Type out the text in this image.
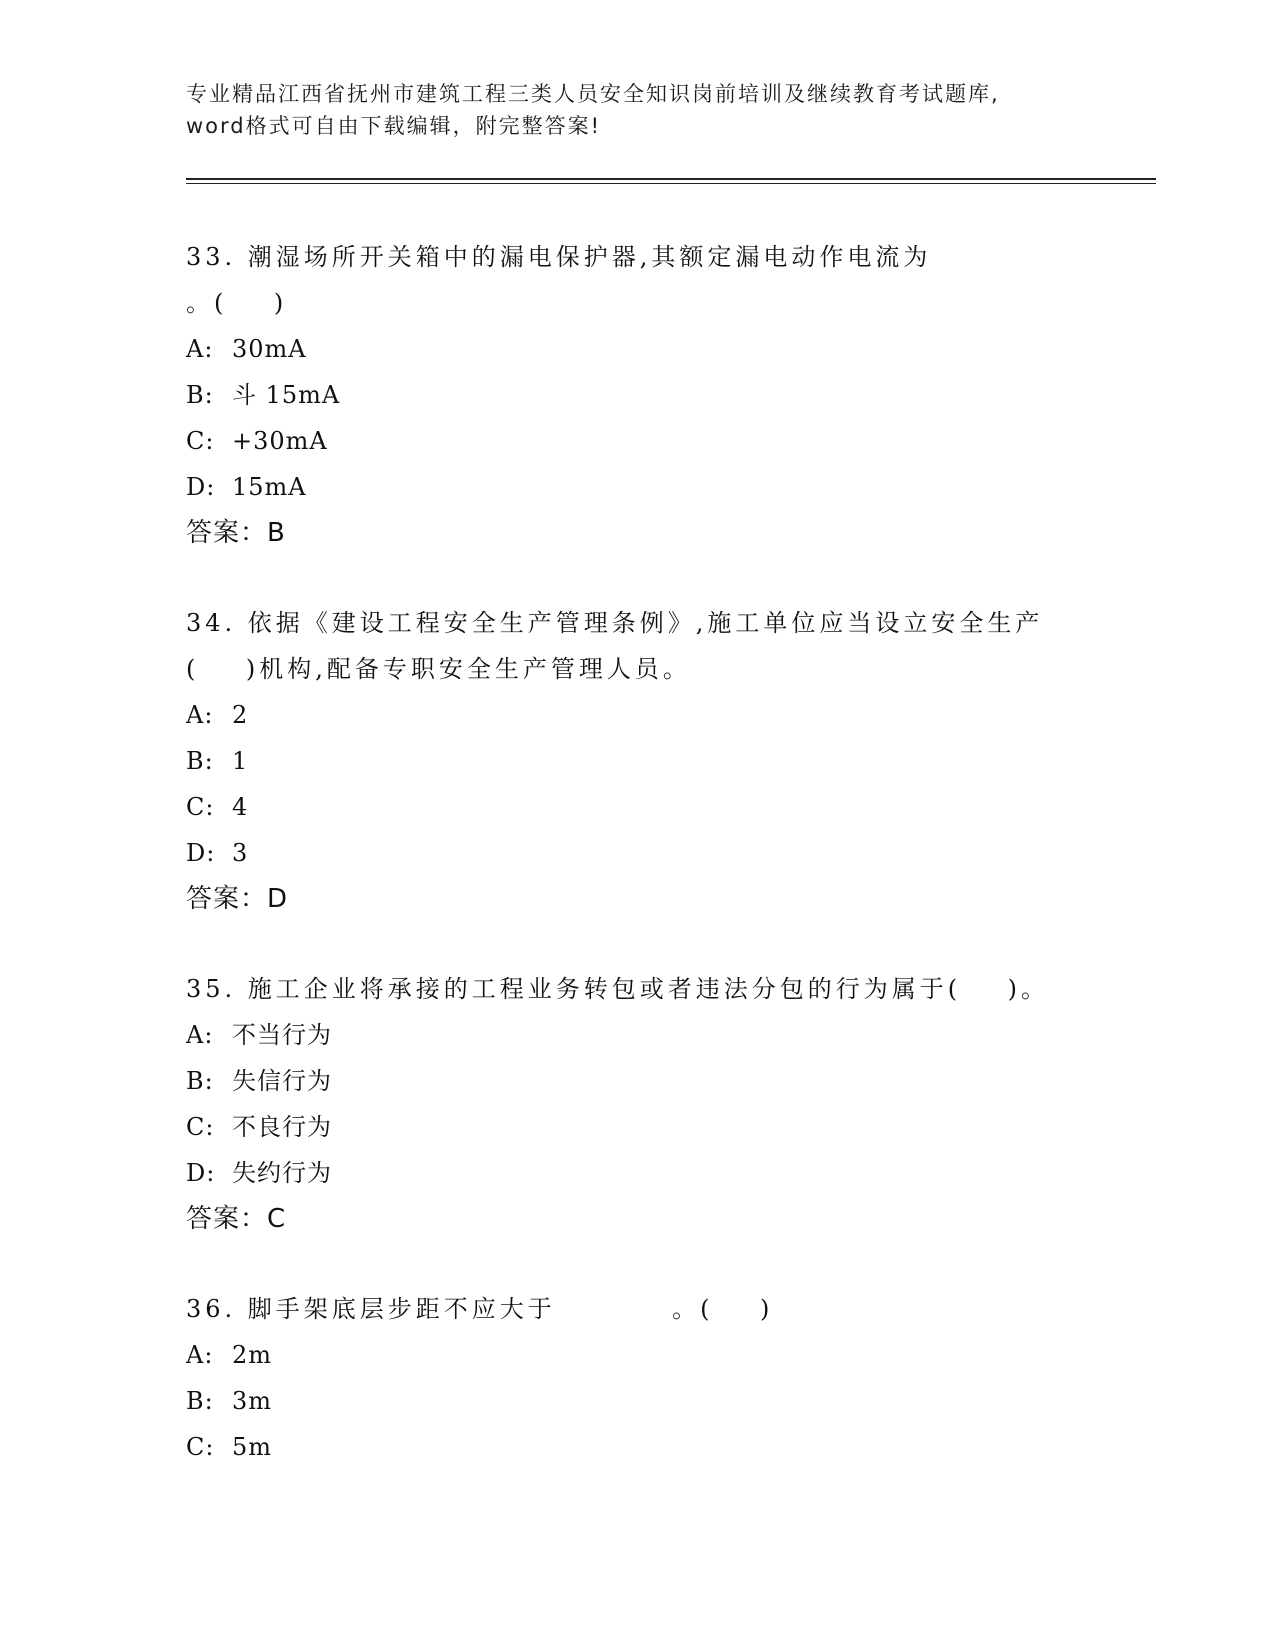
专业精品江西省抚州市建筑工程三类人员安全知识岗前培训及继续教育考试题库,
word格式可自由下载编辑，附完整答案!

33. 潮湿场所开关箱中的漏电保护器,其额定漏电动作电流为

。(    )

A: 30mA

B: 斗 15mA

C: +30mA

D: 15mA

答案：B

34. 依据《建设工程安全生产管理条例》,施工单位应当设立安全生产

(    )机构,配备专职安全生产管理人员。

A: 2

B: 1

C: 4

D: 3

答案：D

35. 施工企业将承接的工程业务转包或者违法分包的行为属于(    )。

A: 不当行为

B: 失信行为

C: 不良行为

D: 失约行为

答案：C

36. 脚手架底层步距不应大于          。(    )

A: 2m

B: 3m

C: 5m
